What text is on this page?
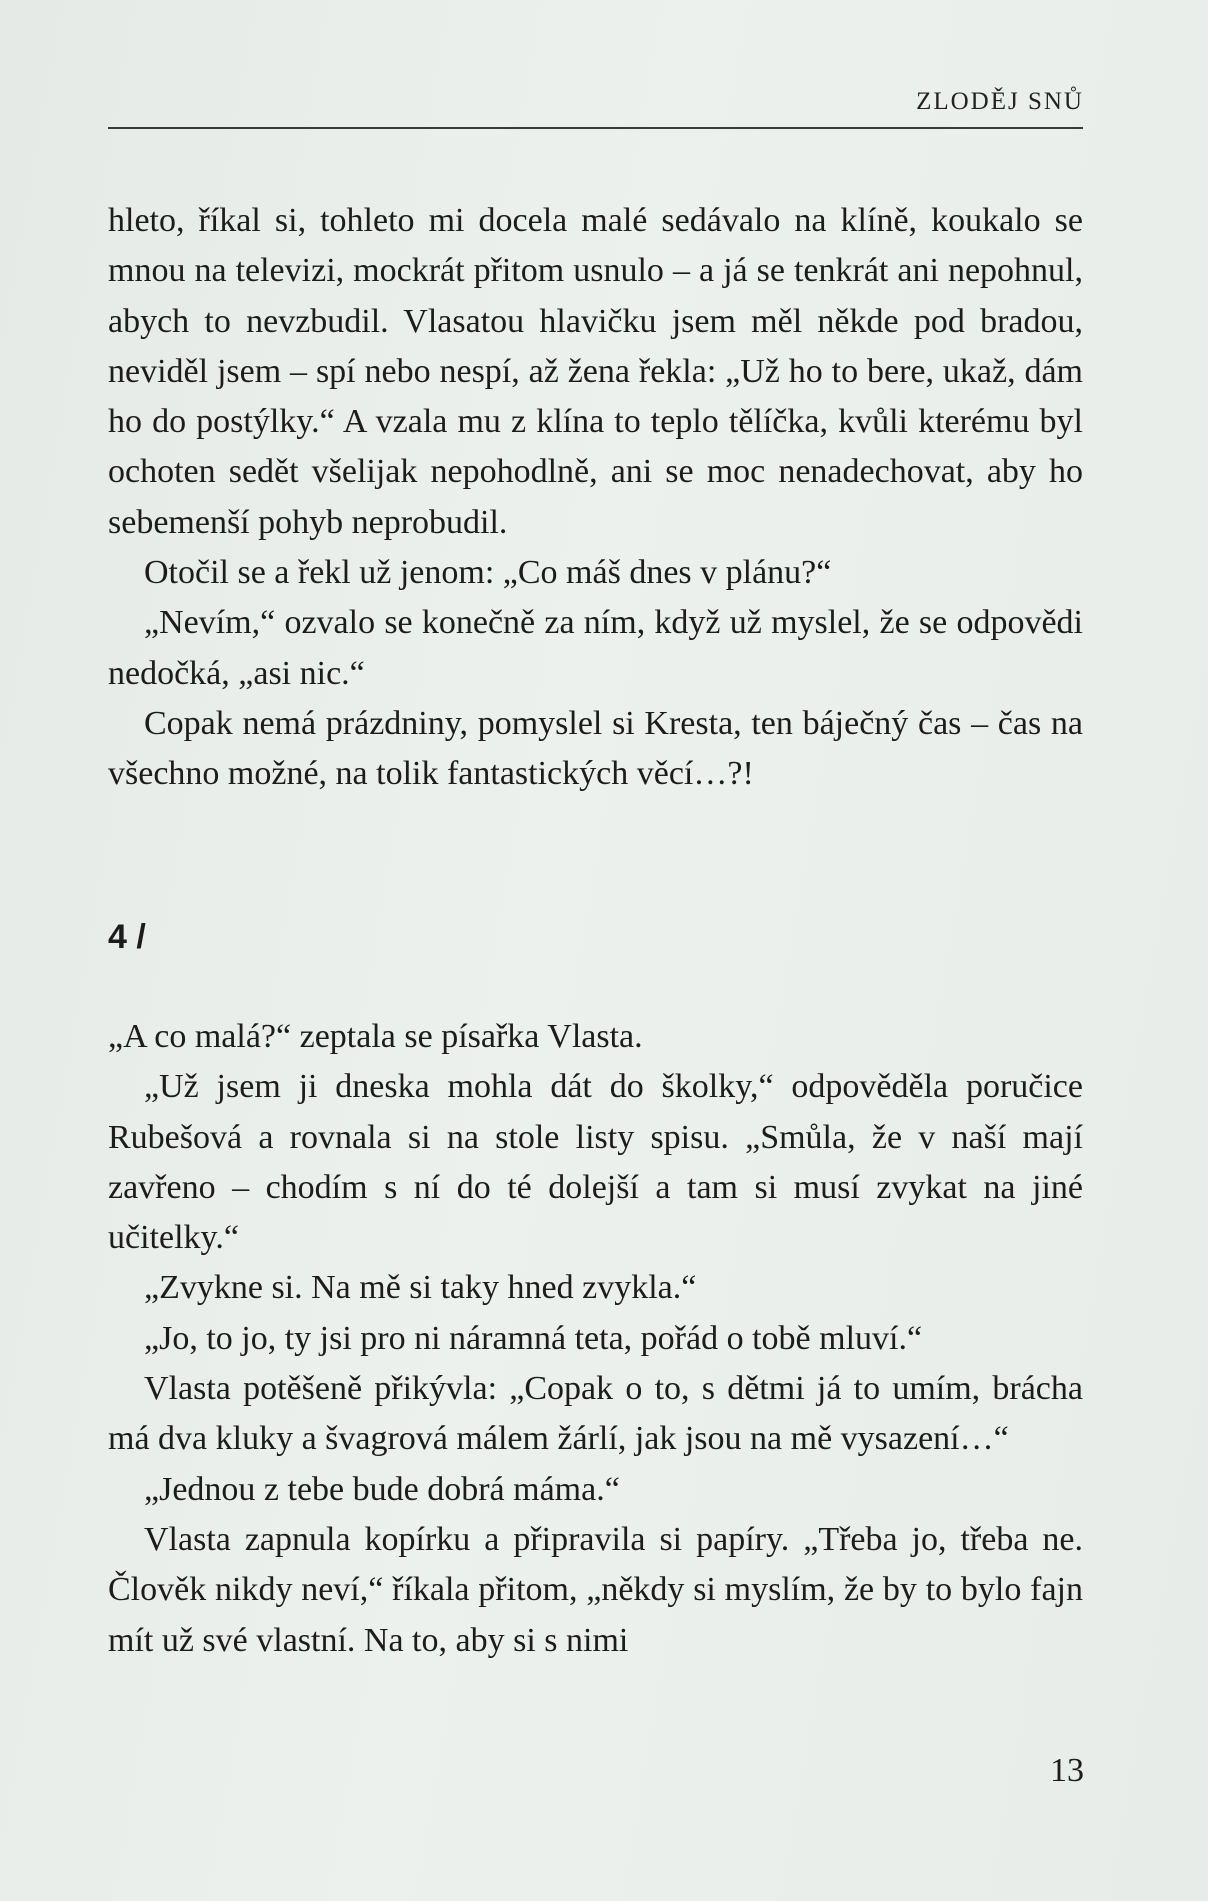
ZLODĚJ SNŮ

hleto, říkal si, tohleto mi docela malé sedávalo na klíně, koukalo se mnou na televizi, mockrát přitom usnulo – a já se tenkrát ani nepohnul, abych to nevzbudil. Vlasatou hlavičku jsem měl někde pod bradou, neviděl jsem – spí nebo nespí, až žena řekla: „Už ho to bere, ukaž, dám ho do postýlky.“ A vzala mu z klína to teplo tělíčka, kvůli kterému byl ochoten sedět všelijak nepohodlně, ani se moc nenadechovat, aby ho sebemenší pohyb neprobudil.

Otočil se a řekl už jenom: „Co máš dnes v plánu?“

„Nevím,“ ozvalo se konečně za ním, když už myslel, že se odpovědi nedočká, „asi nic.“

Copak nemá prázdniny, pomyslel si Kresta, ten báječný čas – čas na všechno možné, na tolik fantastických věcí…?!

4 /

„A co malá?“ zeptala se písařka Vlasta.

„Už jsem ji dneska mohla dát do školky,“ odpověděla poručice Rubešová a rovnala si na stole listy spisu. „Smůla, že v naší mají zavřeno – chodím s ní do té dolejší a tam si musí zvykat na jiné učitelky.“

„Zvykne si. Na mě si taky hned zvykla.“

„Jo, to jo, ty jsi pro ni náramná teta, pořád o tobě mluví.“

Vlasta potěšeně přikývla: „Copak o to, s dětmi já to umím, brácha má dva kluky a švagrová málem žárlí, jak jsou na mě vysazení…“

„Jednou z tebe bude dobrá máma.“

Vlasta zapnula kopírku a připravila si papíry. „Třeba jo, třeba ne. Člověk nikdy neví,“ říkala přitom, „někdy si myslím, že by to bylo fajn mít už své vlastní. Na to, aby si s nimi

13
